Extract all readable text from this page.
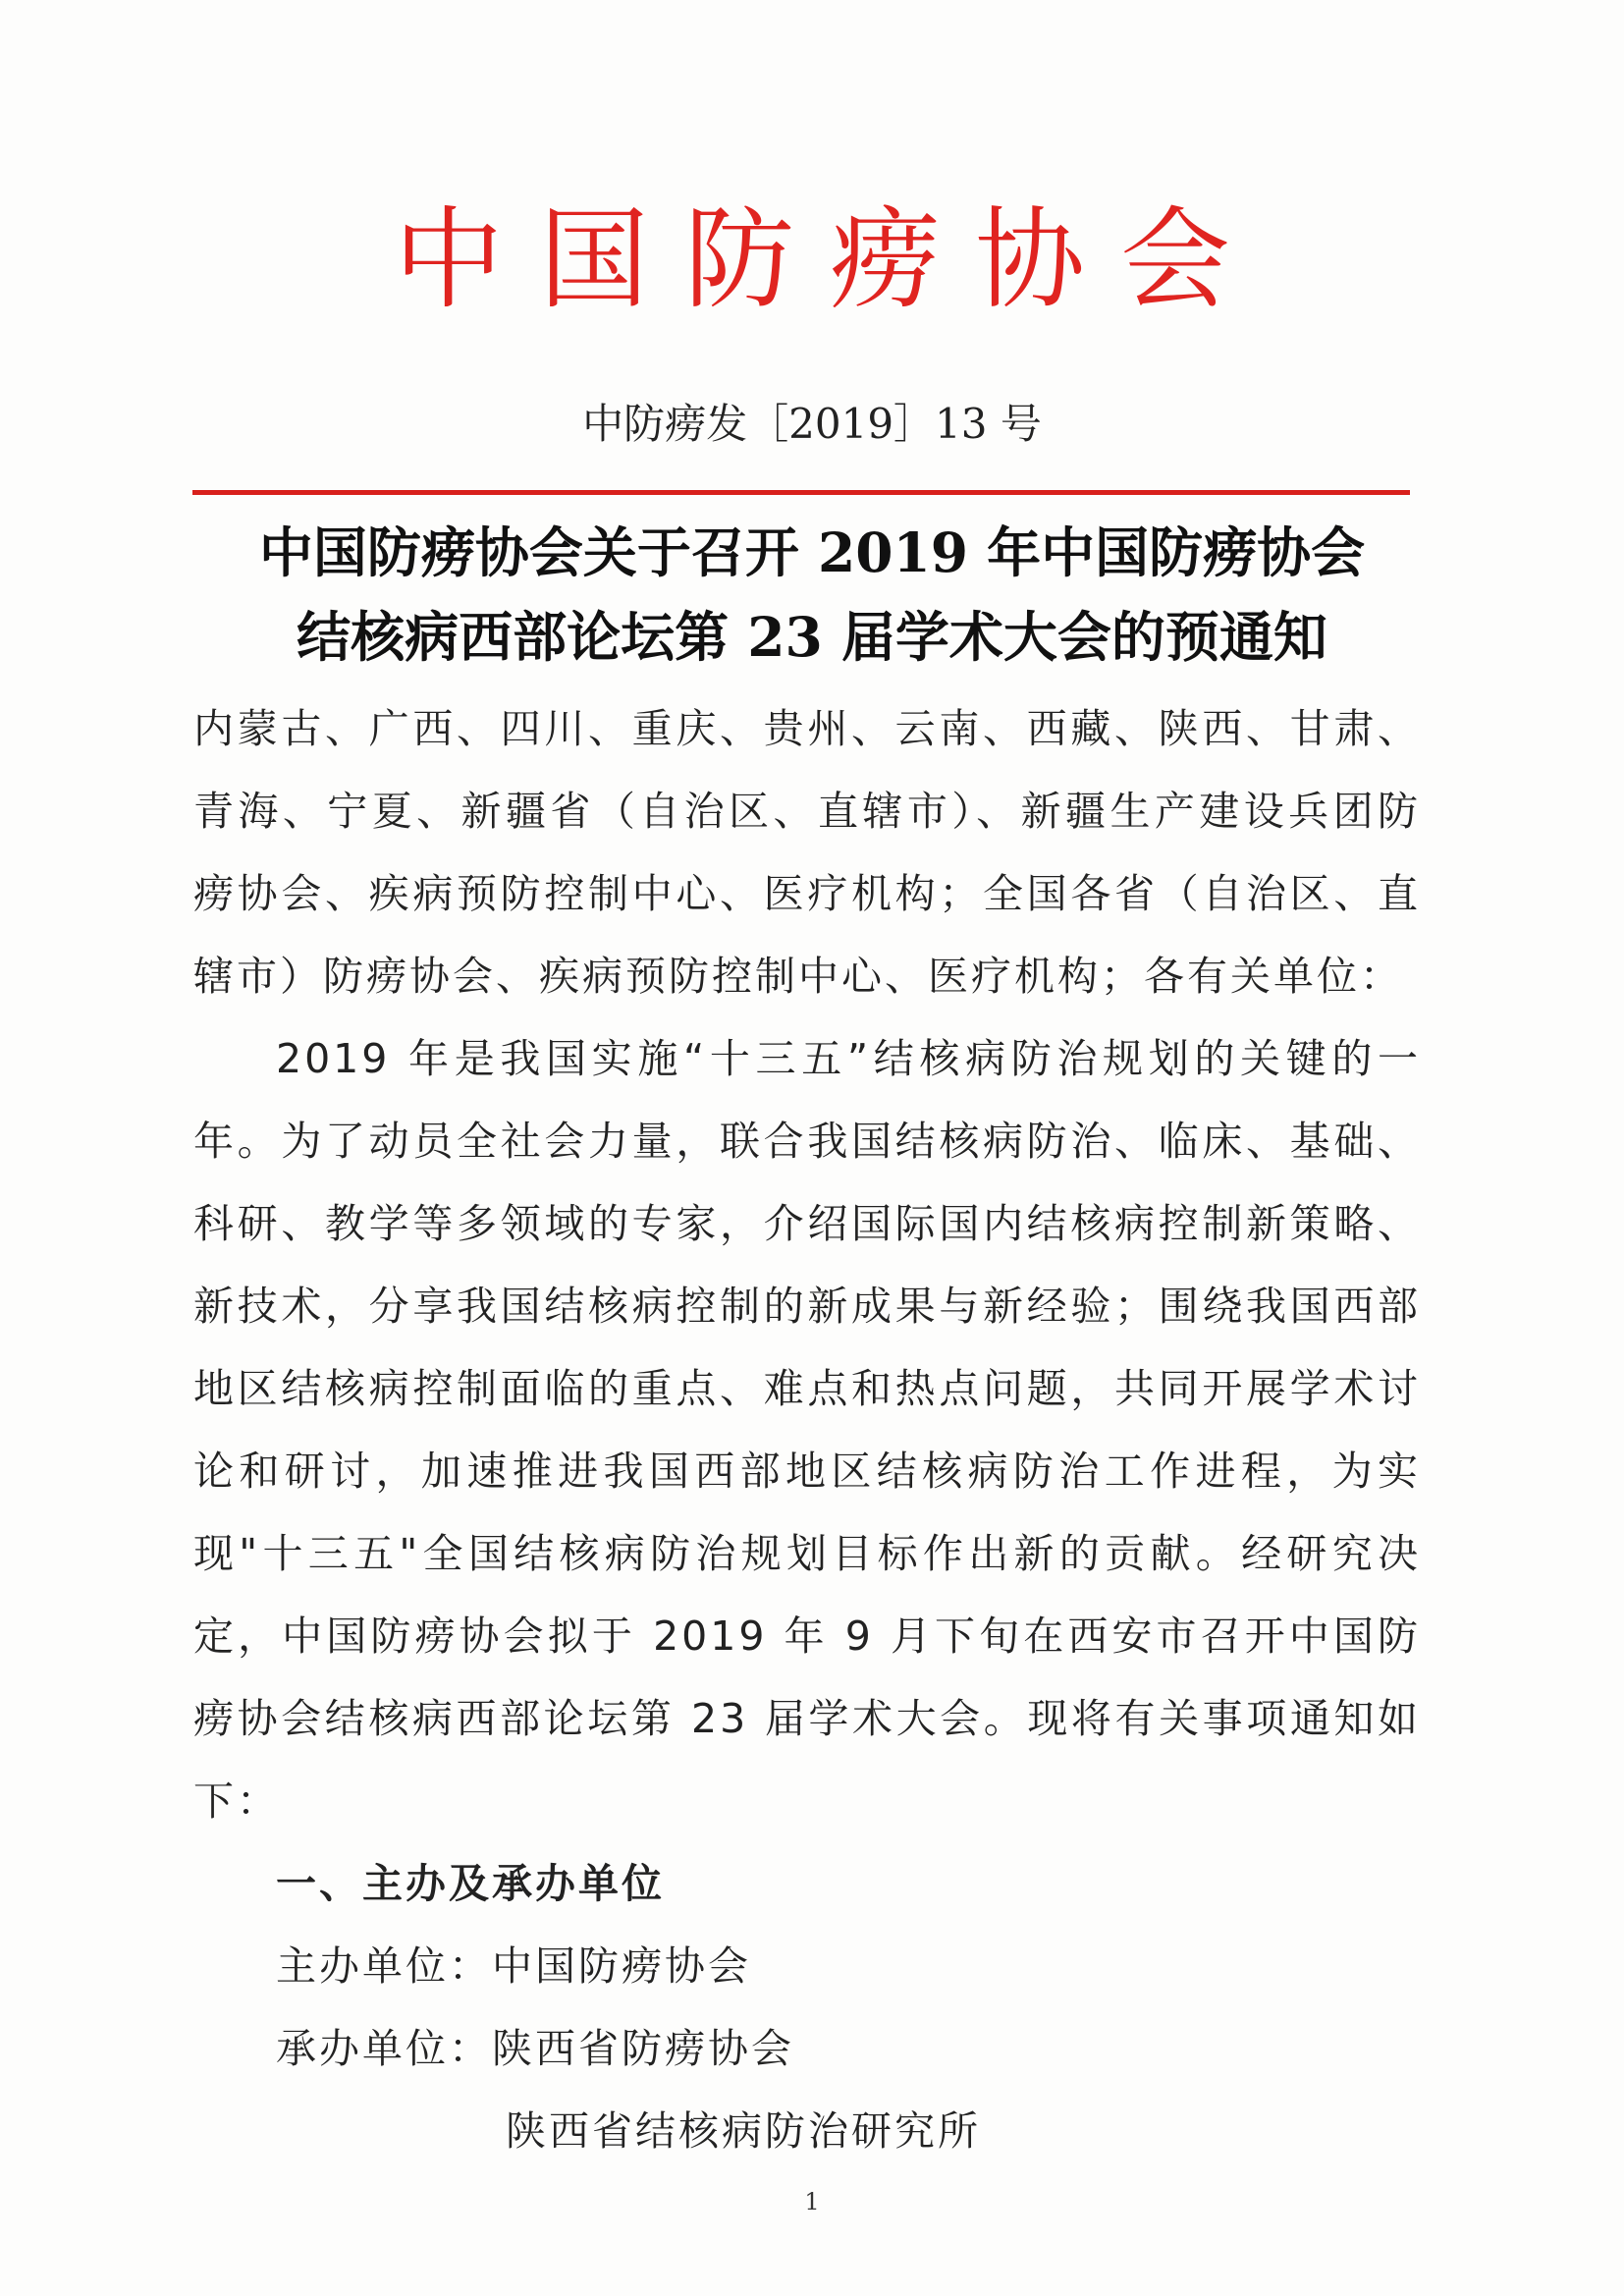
中国防痨协会
中防痨发［2019］13 号
中国防痨协会关于召开 2019 年中国防痨协会
结核病西部论坛第 23 届学术大会的预通知

内蒙古、广西、四川、重庆、贵州、云南、西藏、陕西、甘肃、青海、宁夏、新疆省（自治区、直辖市）、新疆生产建设兵团防痨协会、疾病预防控制中心、医疗机构；全国各省（自治区、直辖市）防痨协会、疾病预防控制中心、医疗机构；各有关单位：

2019 年是我国实施“十三五”结核病防治规划的关键的一年。为了动员全社会力量，联合我国结核病防治、临床、基础、科研、教学等多领域的专家，介绍国际国内结核病控制新策略、新技术，分享我国结核病控制的新成果与新经验；围绕我国西部地区结核病控制面临的重点、难点和热点问题，共同开展学术讨论和研讨，加速推进我国西部地区结核病防治工作进程，为实现"十三五"全国结核病防治规划目标作出新的贡献。经研究决定，中国防痨协会拟于 2019 年 9 月下旬在西安市召开中国防痨协会结核病西部论坛第 23 届学术大会。现将有关事项通知如下：

一、主办及承办单位

主办单位：中国防痨协会

承办单位：陕西省防痨协会

陕西省结核病防治研究所

1
